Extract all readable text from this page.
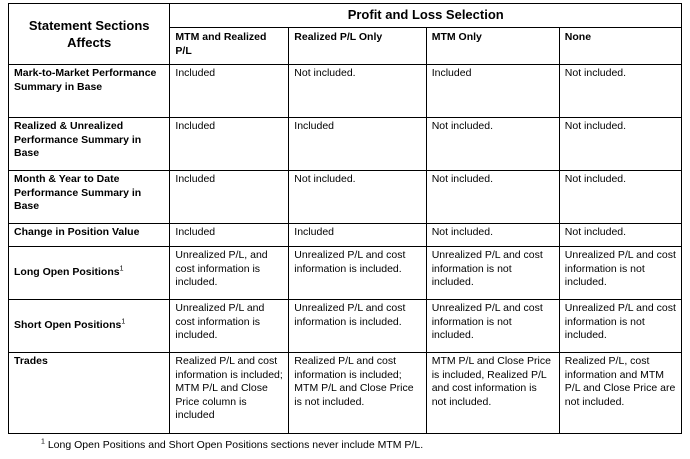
Statement Sections Affects	Profit and Loss Selection			
	MTM and Realized P/L	Realized P/L Only	MTM Only	None
Mark-to-Market Performance Summary in Base	Included	Not included.	Included	Not included.
Realized & Unrealized Performance Summary in Base	Included	Included	Not included.	Not included.
Month & Year to Date Performance Summary in Base	Included	Not included.	Not included.	Not included.
Change in Position Value	Included	Included	Not included.	Not included.
Long Open Positions$^1$	Unrealized P/L, and cost information is included.	Unrealized P/L and cost information is included.	Unrealized P/L and cost information is not included.	Unrealized P/L and cost information is not included.
Short Open Positions$^1$	Unrealized P/L and cost information is included.	Unrealized P/L and cost information is included.	Unrealized P/L and cost information is not included.	Unrealized P/L and cost information is not included.
Trades	Realized P/L and cost information is included; MTM P/L and Close Price column is included	Realized P/L and cost information is included; MTM P/L and Close Price is not included.	MTM P/L and Close Price is included, Realized P/L and cost information is not included.	Realized P/L, cost information and MTM P/L and Close Price are not included.
$^1$ Long Open Positions and Short Open Positions sections never include MTM P/L.
